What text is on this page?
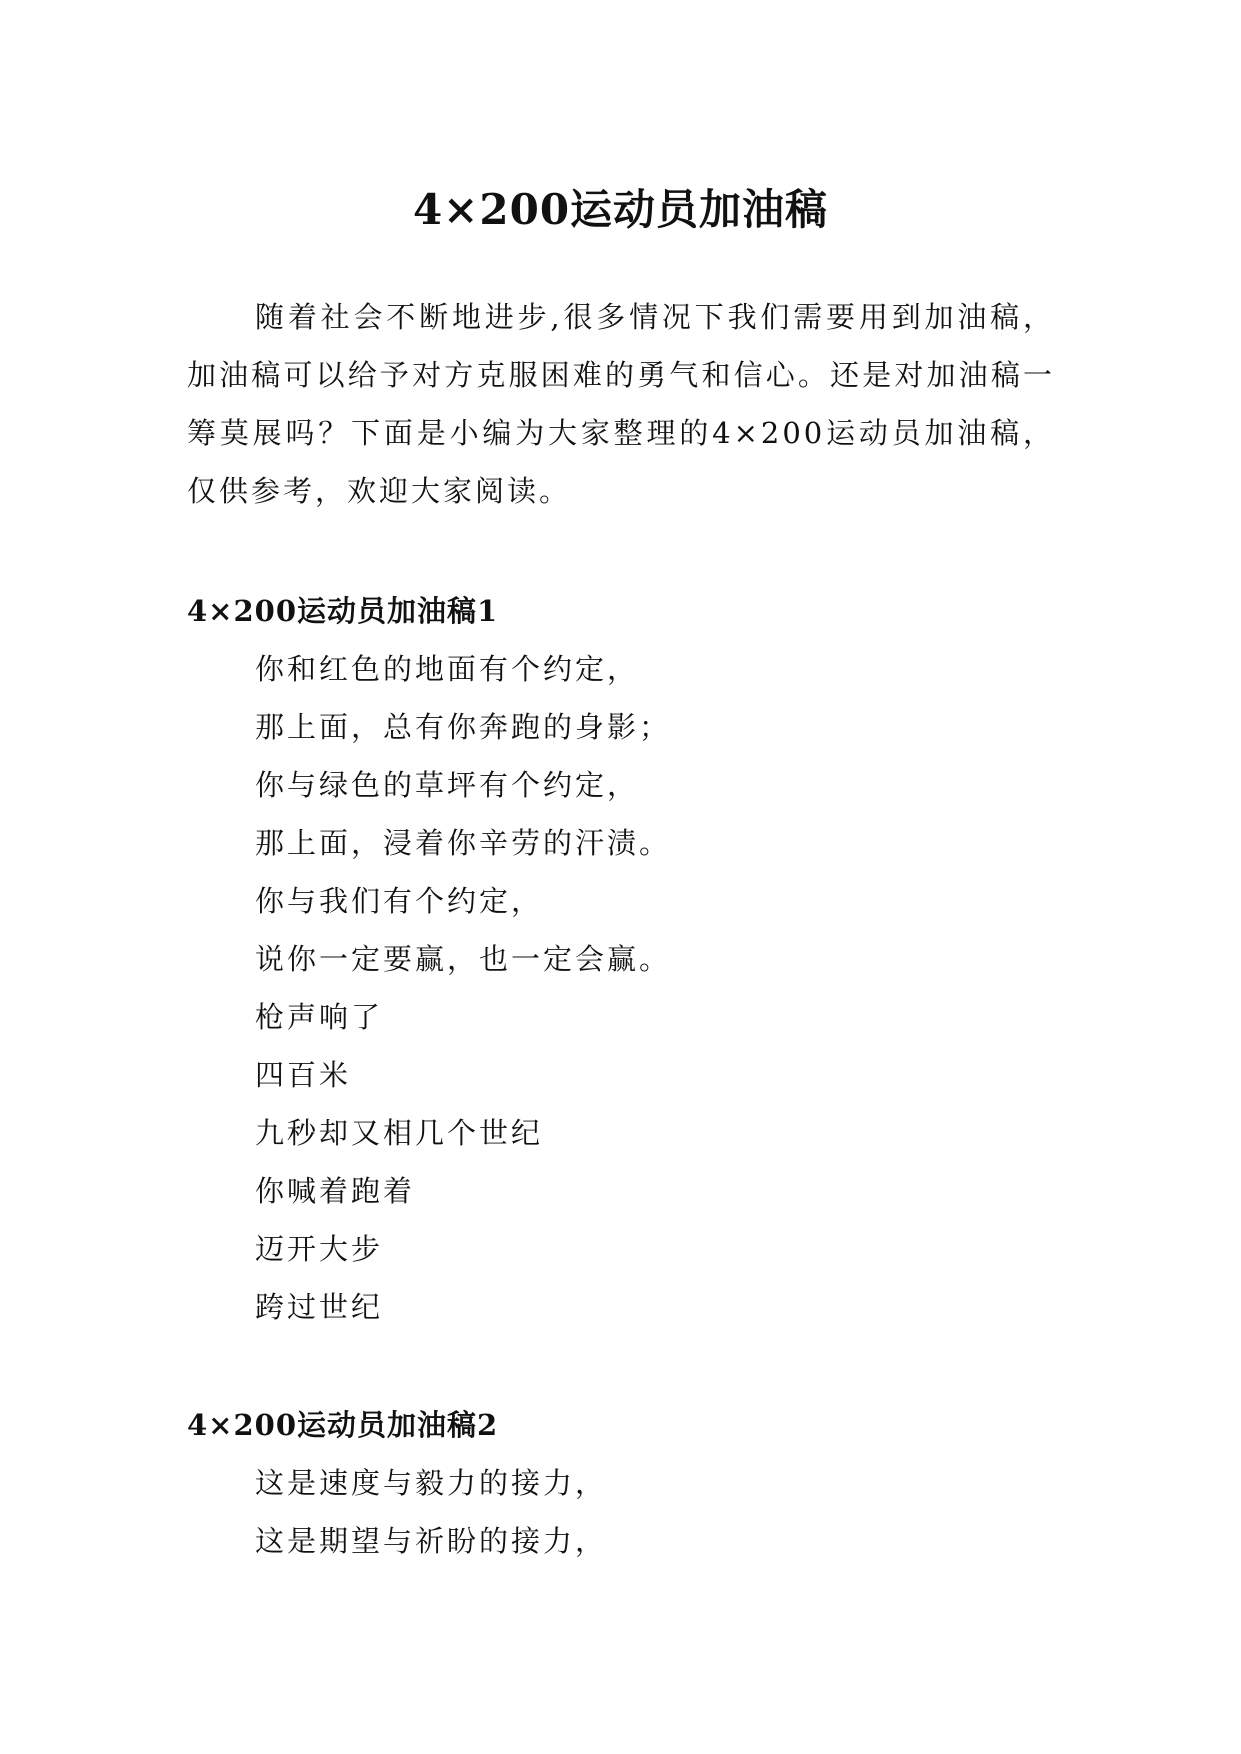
4×200运动员加油稿

随着社会不断地进步,很多情况下我们需要用到加油稿，加油稿可以给予对方克服困难的勇气和信心。还是对加油稿一筹莫展吗？下面是小编为大家整理的4×200运动员加油稿，仅供参考，欢迎大家阅读。

4×200运动员加油稿1
你和红色的地面有个约定，
那上面，总有你奔跑的身影；
你与绿色的草坪有个约定，
那上面，浸着你辛劳的汗渍。
你与我们有个约定，
说你一定要赢，也一定会赢。
枪声响了
四百米
九秒却又相几个世纪
你喊着跑着
迈开大步
跨过世纪
4×200运动员加油稿2
这是速度与毅力的接力，
这是期望与祈盼的接力，
